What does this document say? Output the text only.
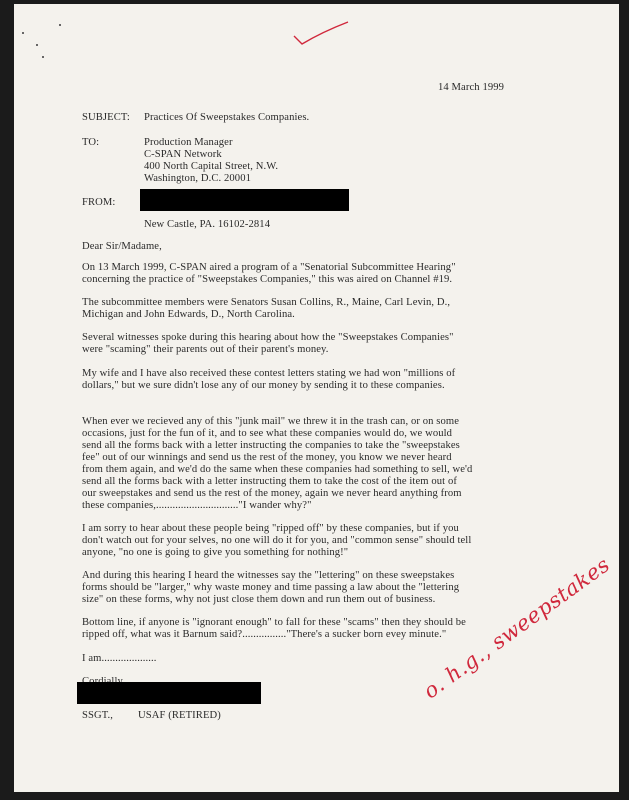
14 March 1999
SUBJECT: Practices Of Sweepstakes Companies.
TO:	Production Manager
C-SPAN Network
400 North Capital Street, N.W.
Washington, D.C. 20001
FROM:
New Castle, PA. 16102-2814
Dear Sir/Madame,
On 13 March 1999, C-SPAN aired a program of a "Senatorial Subcommittee Hearing"
concerning the practice of "Sweepstakes Companies," this was aired on Channel #19.
The subcommittee members were Senators Susan Collins, R., Maine, Carl Levin, D.,
Michigan and John Edwards, D., North Carolina.
Several witnesses spoke during this hearing about how the "Sweepstakes Companies"
were "scaming" their parents out of their parent's money.
My wife and I have also received these contest letters stating we had won "millions of
dollars," but we sure didn't lose any of our money by sending it to these companies.
When ever we recieved any of this "junk mail" we threw it in the trash can, or on some
occasions, just for the fun of it, and to see what these companies would do, we would
send all the forms back with a letter instructing the companies to take the "sweepstakes
fee" out of our winnings and send us the rest of the money, you know we never heard
from them again, and we'd do the same when these companies had something to sell, we'd
send all the forms back with a letter instructing them to take the cost of the item out of
our sweepstakes and send us the rest of the money, again we never heard anything from
these companies,.............................."I wander why?"
I am sorry to hear about these people being "ripped off" by these companies, but if you
don't watch out for your selves, no one will do it for you, and "common sense" should tell
anyone, "no one is going to give you something for nothing!"
And during this hearing I heard the witnesses say the "lettering" on these sweepstakes
forms should be "larger," why waste money and time passing a law about the "lettering
size" on these forms, why not just close them down and run them out of business.
Bottom line, if anyone is "ignorant enough" to fall for these "scams" then they should be
ripped off, what was it Barnum said?................"There's a sucker born evey minute."
I am....................
SSGT., USAF (RETIRED)
o. h.g., sweepstakes
